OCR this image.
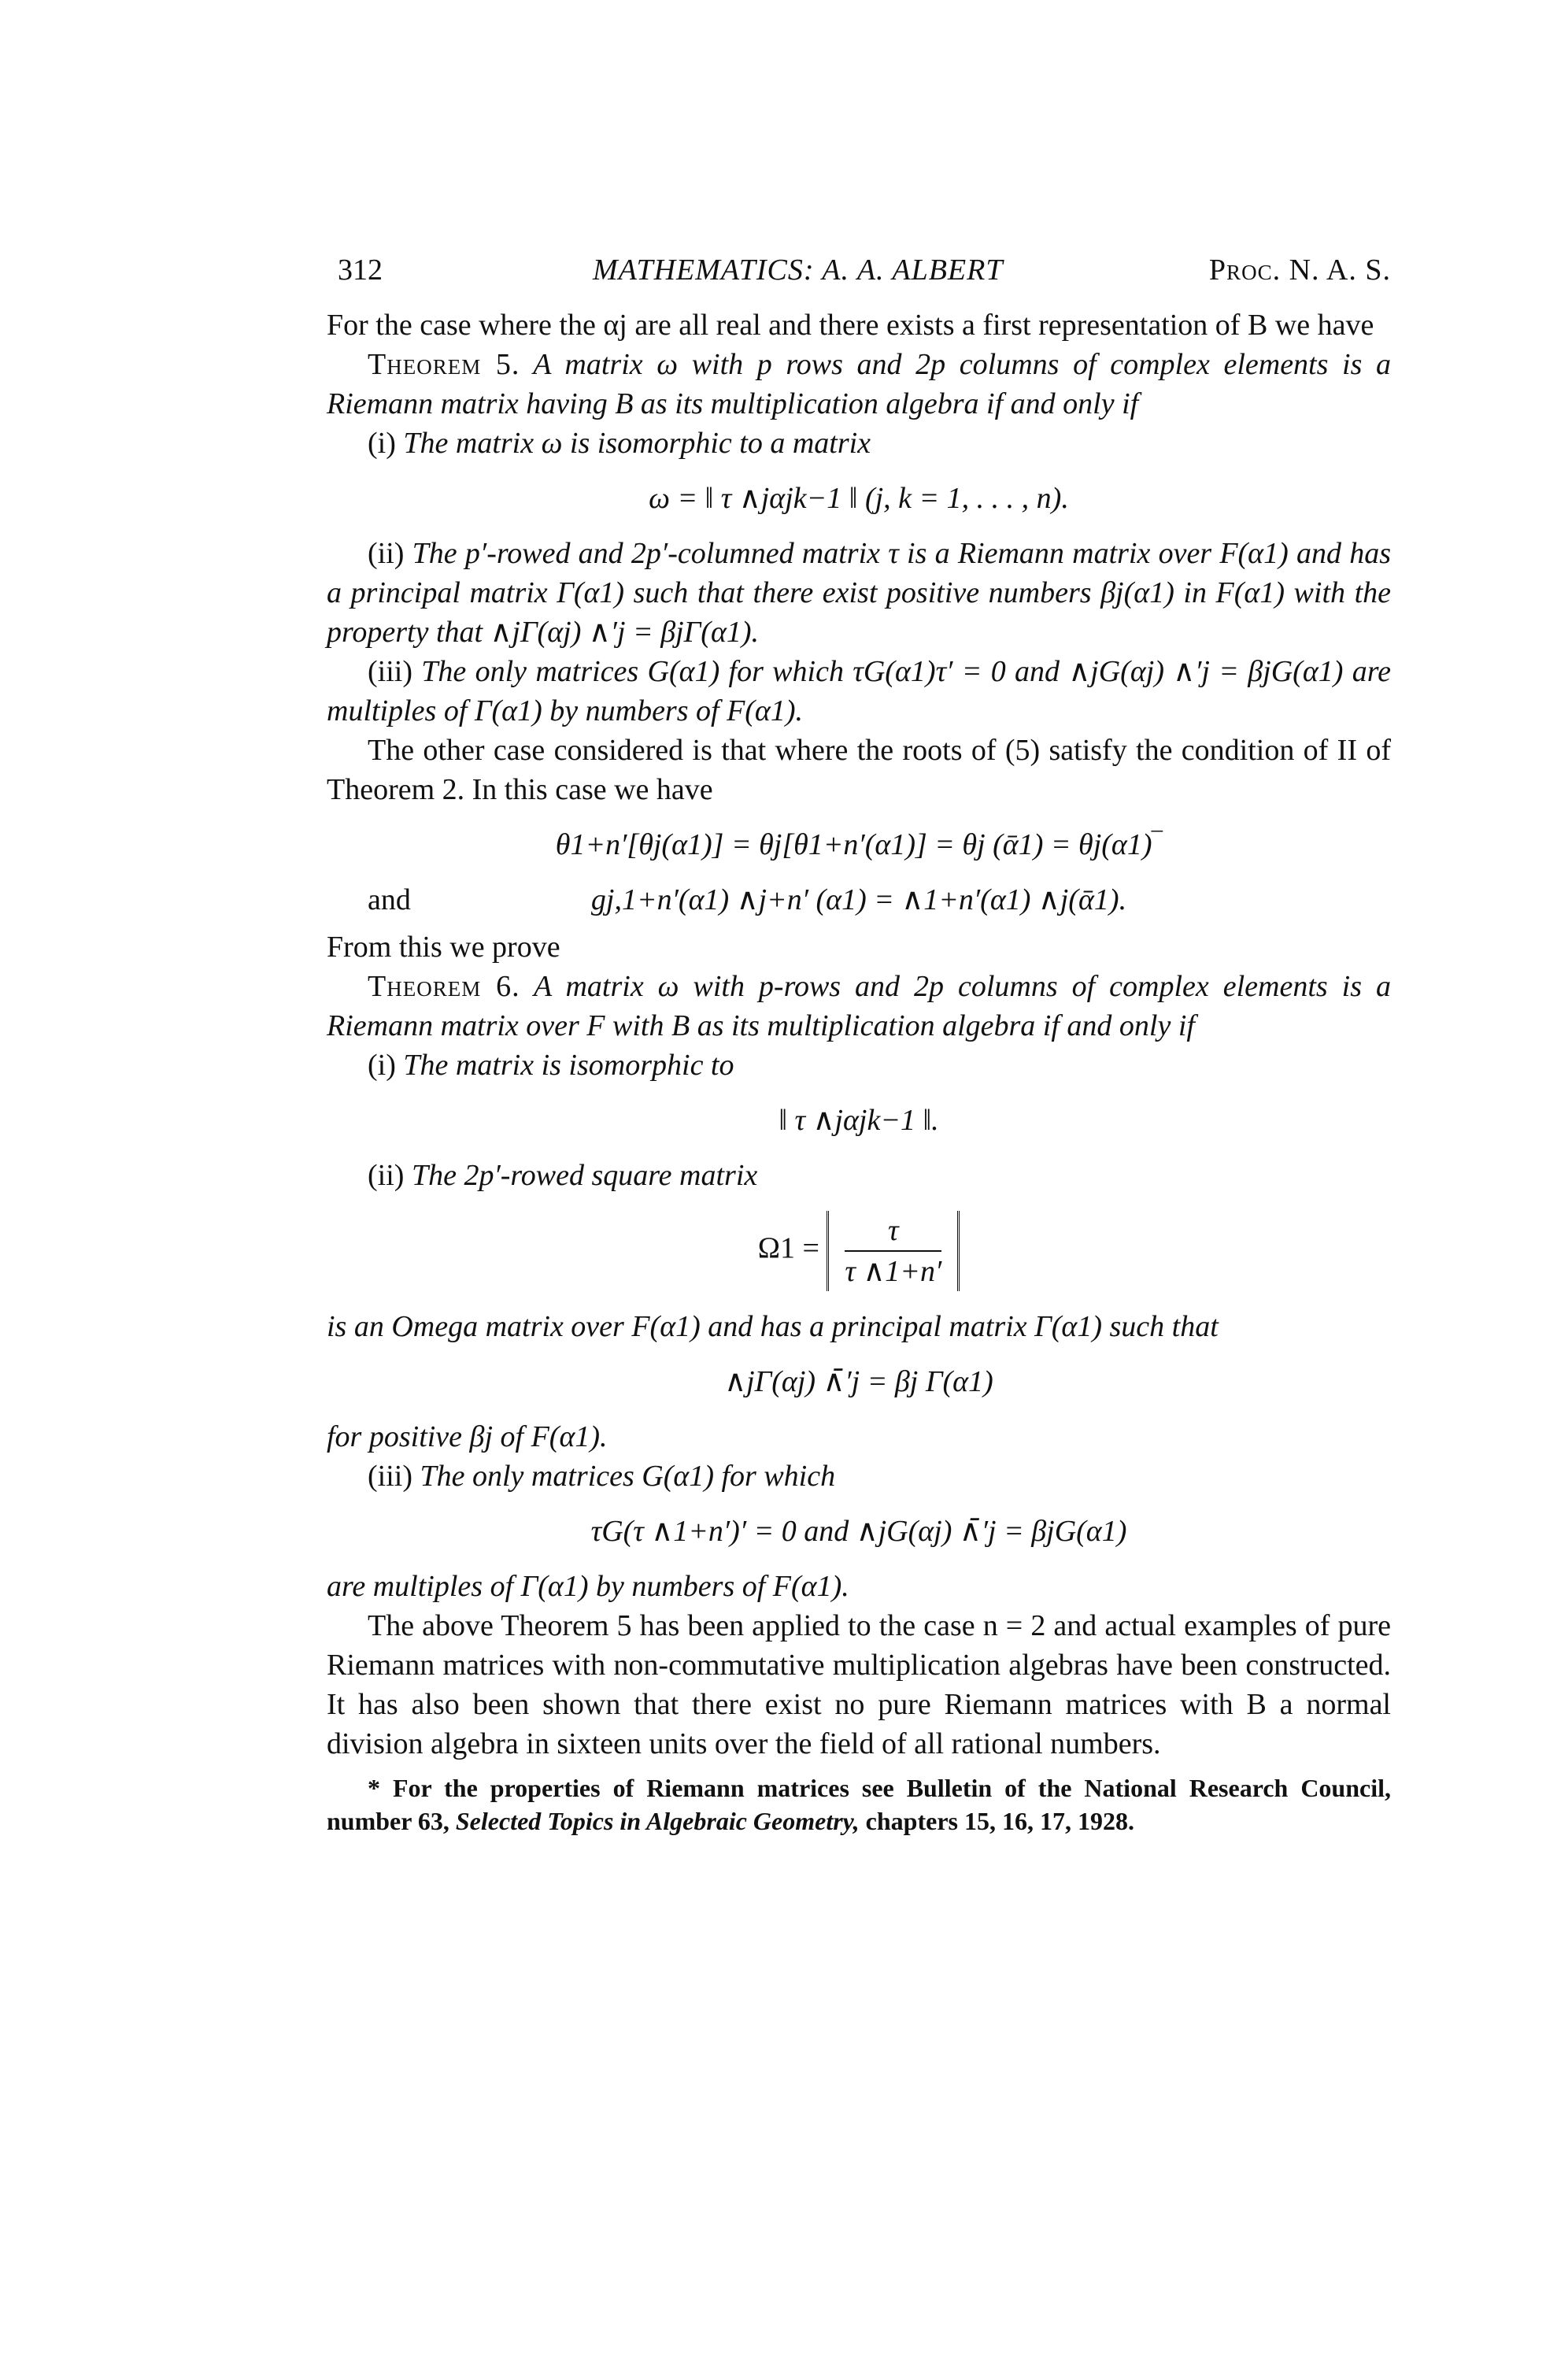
312	MATHEMATICS: A. A. ALBERT	Proc. N. A. S.

For the case where the αj are all real and there exists a first representation of B we have

Theorem 5. A matrix ω with p rows and 2p columns of complex elements is a Riemann matrix having B as its multiplication algebra if and only if

(i) The matrix ω is isomorphic to a matrix

ω = ‖ τ ∧jαjk−1 ‖ (j, k = 1, . . . , n).

(ii) The p′-rowed and 2p′-columned matrix τ is a Riemann matrix over F(α1) and has a principal matrix Γ(α1) such that there exist positive numbers βj(α1) in F(α1) with the property that ∧jΓ(αj) ∧′j = βjΓ(α1).

(iii) The only matrices G(α1) for which τG(α1)τ′ = 0 and ∧jG(αj) ∧′j = βjG(α1) are multiples of Γ(α1) by numbers of F(α1).

The other case considered is that where the roots of (5) satisfy the condition of II of Theorem 2. In this case we have

θ1+n′[θj(α1)] = θj[θ1+n′(α1)] = θj (ᾱ1) = θj(α1)‾
and	gj,1+n′(α1) ∧j+n′ (α1) = ∧1+n′(α1) ∧j(ᾱ1).

From this we prove

Theorem 6. A matrix ω with p-rows and 2p columns of complex elements is a Riemann matrix over F with B as its multiplication algebra if and only if

(i) The matrix is isomorphic to

‖ τ ∧jαjk−1 ‖.

(ii) The 2p′-rowed square matrix

$\Omega 1 = \frac{\tau}{\tau \wedge 1+n'}$

is an Omega matrix over F(α1) and has a principal matrix Γ(α1) such that

∧jΓ(αj) ∧̄′j = βj Γ(α1)

for positive βj of F(α1).

(iii) The only matrices G(α1) for which

τG(τ ∧1+n′)′ = 0 and ∧jG(αj) ∧̄′j = βjG(α1)

are multiples of Γ(α1) by numbers of F(α1).

The above Theorem 5 has been applied to the case n = 2 and actual examples of pure Riemann matrices with non-commutative multiplication algebras have been constructed. It has also been shown that there exist no pure Riemann matrices with B a normal division algebra in sixteen units over the field of all rational numbers.

* For the properties of Riemann matrices see Bulletin of the National Research Council, number 63, Selected Topics in Algebraic Geometry, chapters 15, 16, 17, 1928.
